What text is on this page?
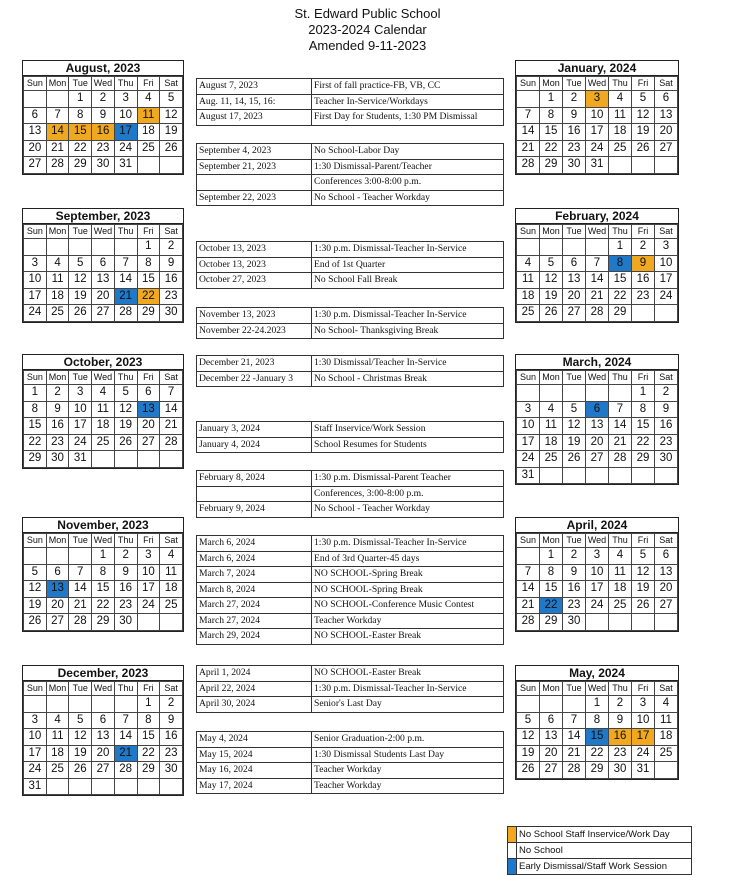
St. Edward Public School
2023-2024 Calendar
Amended 9-11-2023
August, 2023
Sun	Mon	Tue	Wed	Thu	Fri	Sat
		1	2	3	4	5
6	7	8	9	10	11	12
13	14	15	16	17	18	19
20	21	22	23	24	25	26
27	28	29	30	31		
September, 2023
Sun	Mon	Tue	Wed	Thu	Fri	Sat
					1	2
3	4	5	6	7	8	9
10	11	12	13	14	15	16
17	18	19	20	21	22	23
24	25	26	27	28	29	30
October, 2023
Sun	Mon	Tue	Wed	Thu	Fri	Sat
1	2	3	4	5	6	7
8	9	10	11	12	13	14
15	16	17	18	19	20	21
22	23	24	25	26	27	28
29	30	31				
November, 2023
Sun	Mon	Tue	Wed	Thu	Fri	Sat
			1	2	3	4
5	6	7	8	9	10	11
12	13	14	15	16	17	18
19	20	21	22	23	24	25
26	27	28	29	30		
December, 2023
Sun	Mon	Tue	Wed	Thu	Fri	Sat
					1	2
3	4	5	6	7	8	9
10	11	12	13	14	15	16
17	18	19	20	21	22	23
24	25	26	27	28	29	30
31						
January, 2024
Sun	Mon	Tue	Wed	Thu	Fri	Sat
	1	2	3	4	5	6
7	8	9	10	11	12	13
14	15	16	17	18	19	20
21	22	23	24	25	26	27
28	29	30	31			
February, 2024
Sun	Mon	Tue	Wed	Thu	Fri	Sat
				1	2	3
4	5	6	7	8	9	10
11	12	13	14	15	16	17
18	19	20	21	22	23	24
25	26	27	28	29		
March, 2024
Sun	Mon	Tue	Wed	Thu	Fri	Sat
					1	2
3	4	5	6	7	8	9
10	11	12	13	14	15	16
17	18	19	20	21	22	23
24	25	26	27	28	29	30
31						
April, 2024
Sun	Mon	Tue	Wed	Thu	Fri	Sat
	1	2	3	4	5	6
7	8	9	10	11	12	13
14	15	16	17	18	19	20
21	22	23	24	25	26	27
28	29	30				
May, 2024
Sun	Mon	Tue	Wed	Thu	Fri	Sat
			1	2	3	4
5	6	7	8	9	10	11
12	13	14	15	16	17	18
19	20	21	22	23	24	25
26	27	28	29	30	31	
August 7, 2023	First of fall practice-FB, VB, CC
Aug. 11, 14, 15, 16:	Teacher In-Service/Workdays
August 17, 2023	First Day for Students, 1:30 PM Dismissal
September 4, 2023	No School-Labor Day
September 21, 2023	1:30 Dismissal-Parent/Teacher
	Conferences 3:00-8:00 p.m.
September 22, 2023	No School - Teacher Workday
October 13, 2023	1:30 p.m. Dismissal-Teacher In-Service
October 13, 2023	End of 1st Quarter
October 27, 2023	No School Fall Break
November 13, 2023	1:30 p.m. Dismissal-Teacher In-Service
November 22-24.2023	No School- Thanksgiving Break
December 21, 2023	1:30 Dismissal/Teacher In-Service
December 22 -January 3	No School - Christmas Break
January 3, 2024	Staff Inservice/Work Session
January 4, 2024	School Resumes for Students
February 8, 2024	1:30 p.m. Dismissal-Parent Teacher
	Conferences, 3:00-8:00 p.m.
February 9, 2024	No School - Teacher Workday
March 6, 2024	1:30 p.m. Dismissal-Teacher In-Service
March 6, 2024	End of 3rd Quarter-45 days
March 7, 2024	NO SCHOOL-Spring Break
March 8, 2024	NO SCHOOL-Spring Break
March 27, 2024	NO SCHOOL-Conference Music Contest
March 27, 2024	Teacher Workday
March 29, 2024	NO SCHOOL-Easter Break
April 1, 2024	NO SCHOOL-Easter Break
April 22, 2024	1:30 p.m. Dismissal-Teacher In-Service
April 30, 2024	Senior's Last Day
May 4, 2024	Senior Graduation-2:00 p.m.
May 15, 2024	1:30 Dismissal Students Last Day
May 16, 2024	Teacher Workday
May 17, 2024	Teacher Workday
	No School Staff Inservice/Work Day
	No School
	Early Dismissal/Staff Work Session
